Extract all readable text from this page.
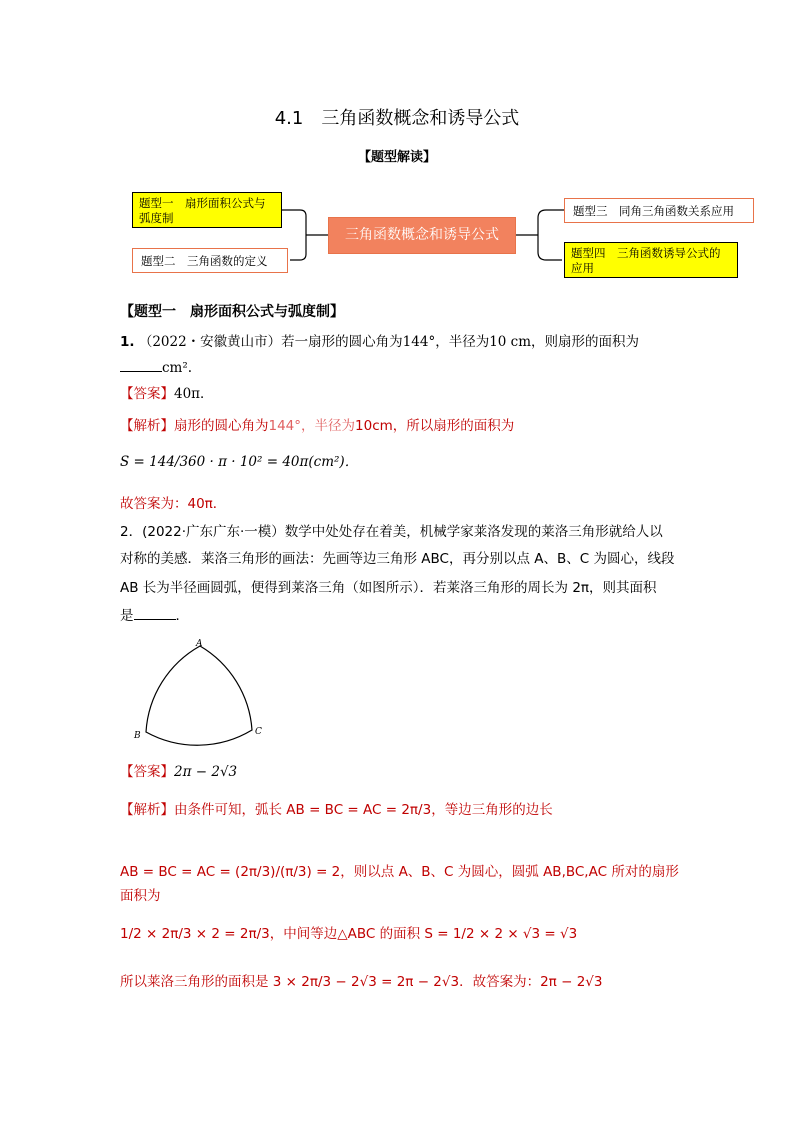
4.1　三角函数概念和诱导公式
【题型解读】
题型一　扇形面积公式与弧度制
题型二　三角函数的定义
三角函数概念和诱导公式
题型三　同角三角函数关系应用
题型四　三角函数诱导公式的应用
【题型一　扇形面积公式与弧度制】
1. （2022・安徽黄山市）若一扇形的圆心角为144°，半径为10 cm，则扇形的面积为
cm².
【答案】40π．
【解析】扇形的圆心角为144°，半径为10cm，所以扇形的面积为
S = 144/360 · π · 10² = 40π(cm²)．
故答案为：40π．
2．(2022·广东广东·一模）数学中处处存在着美，机械学家莱洛发现的莱洛三角形就给人以
对称的美感．莱洛三角形的画法：先画等边三角形 ABC，再分别以点 A、B、C 为圆心，线段
AB 长为半径画圆弧，便得到莱洛三角（如图所示）．若莱洛三角形的周长为 2π，则其面积
是	．
A
B	C
【答案】2π − 2√3
【解析】由条件可知，弧长 AB = BC = AC = 2π/3，等边三角形的边长
AB = BC = AC = (2π/3)/(π/3) = 2，则以点 A、B、C 为圆心，圆弧 AB,BC,AC 所对的扇形面积为
1/2 × 2π/3 × 2 = 2π/3，中间等边△ABC 的面积 S = 1/2 × 2 × √3 = √3
所以莱洛三角形的面积是 3 × 2π/3 − 2√3 = 2π − 2√3．故答案为：2π − 2√3
